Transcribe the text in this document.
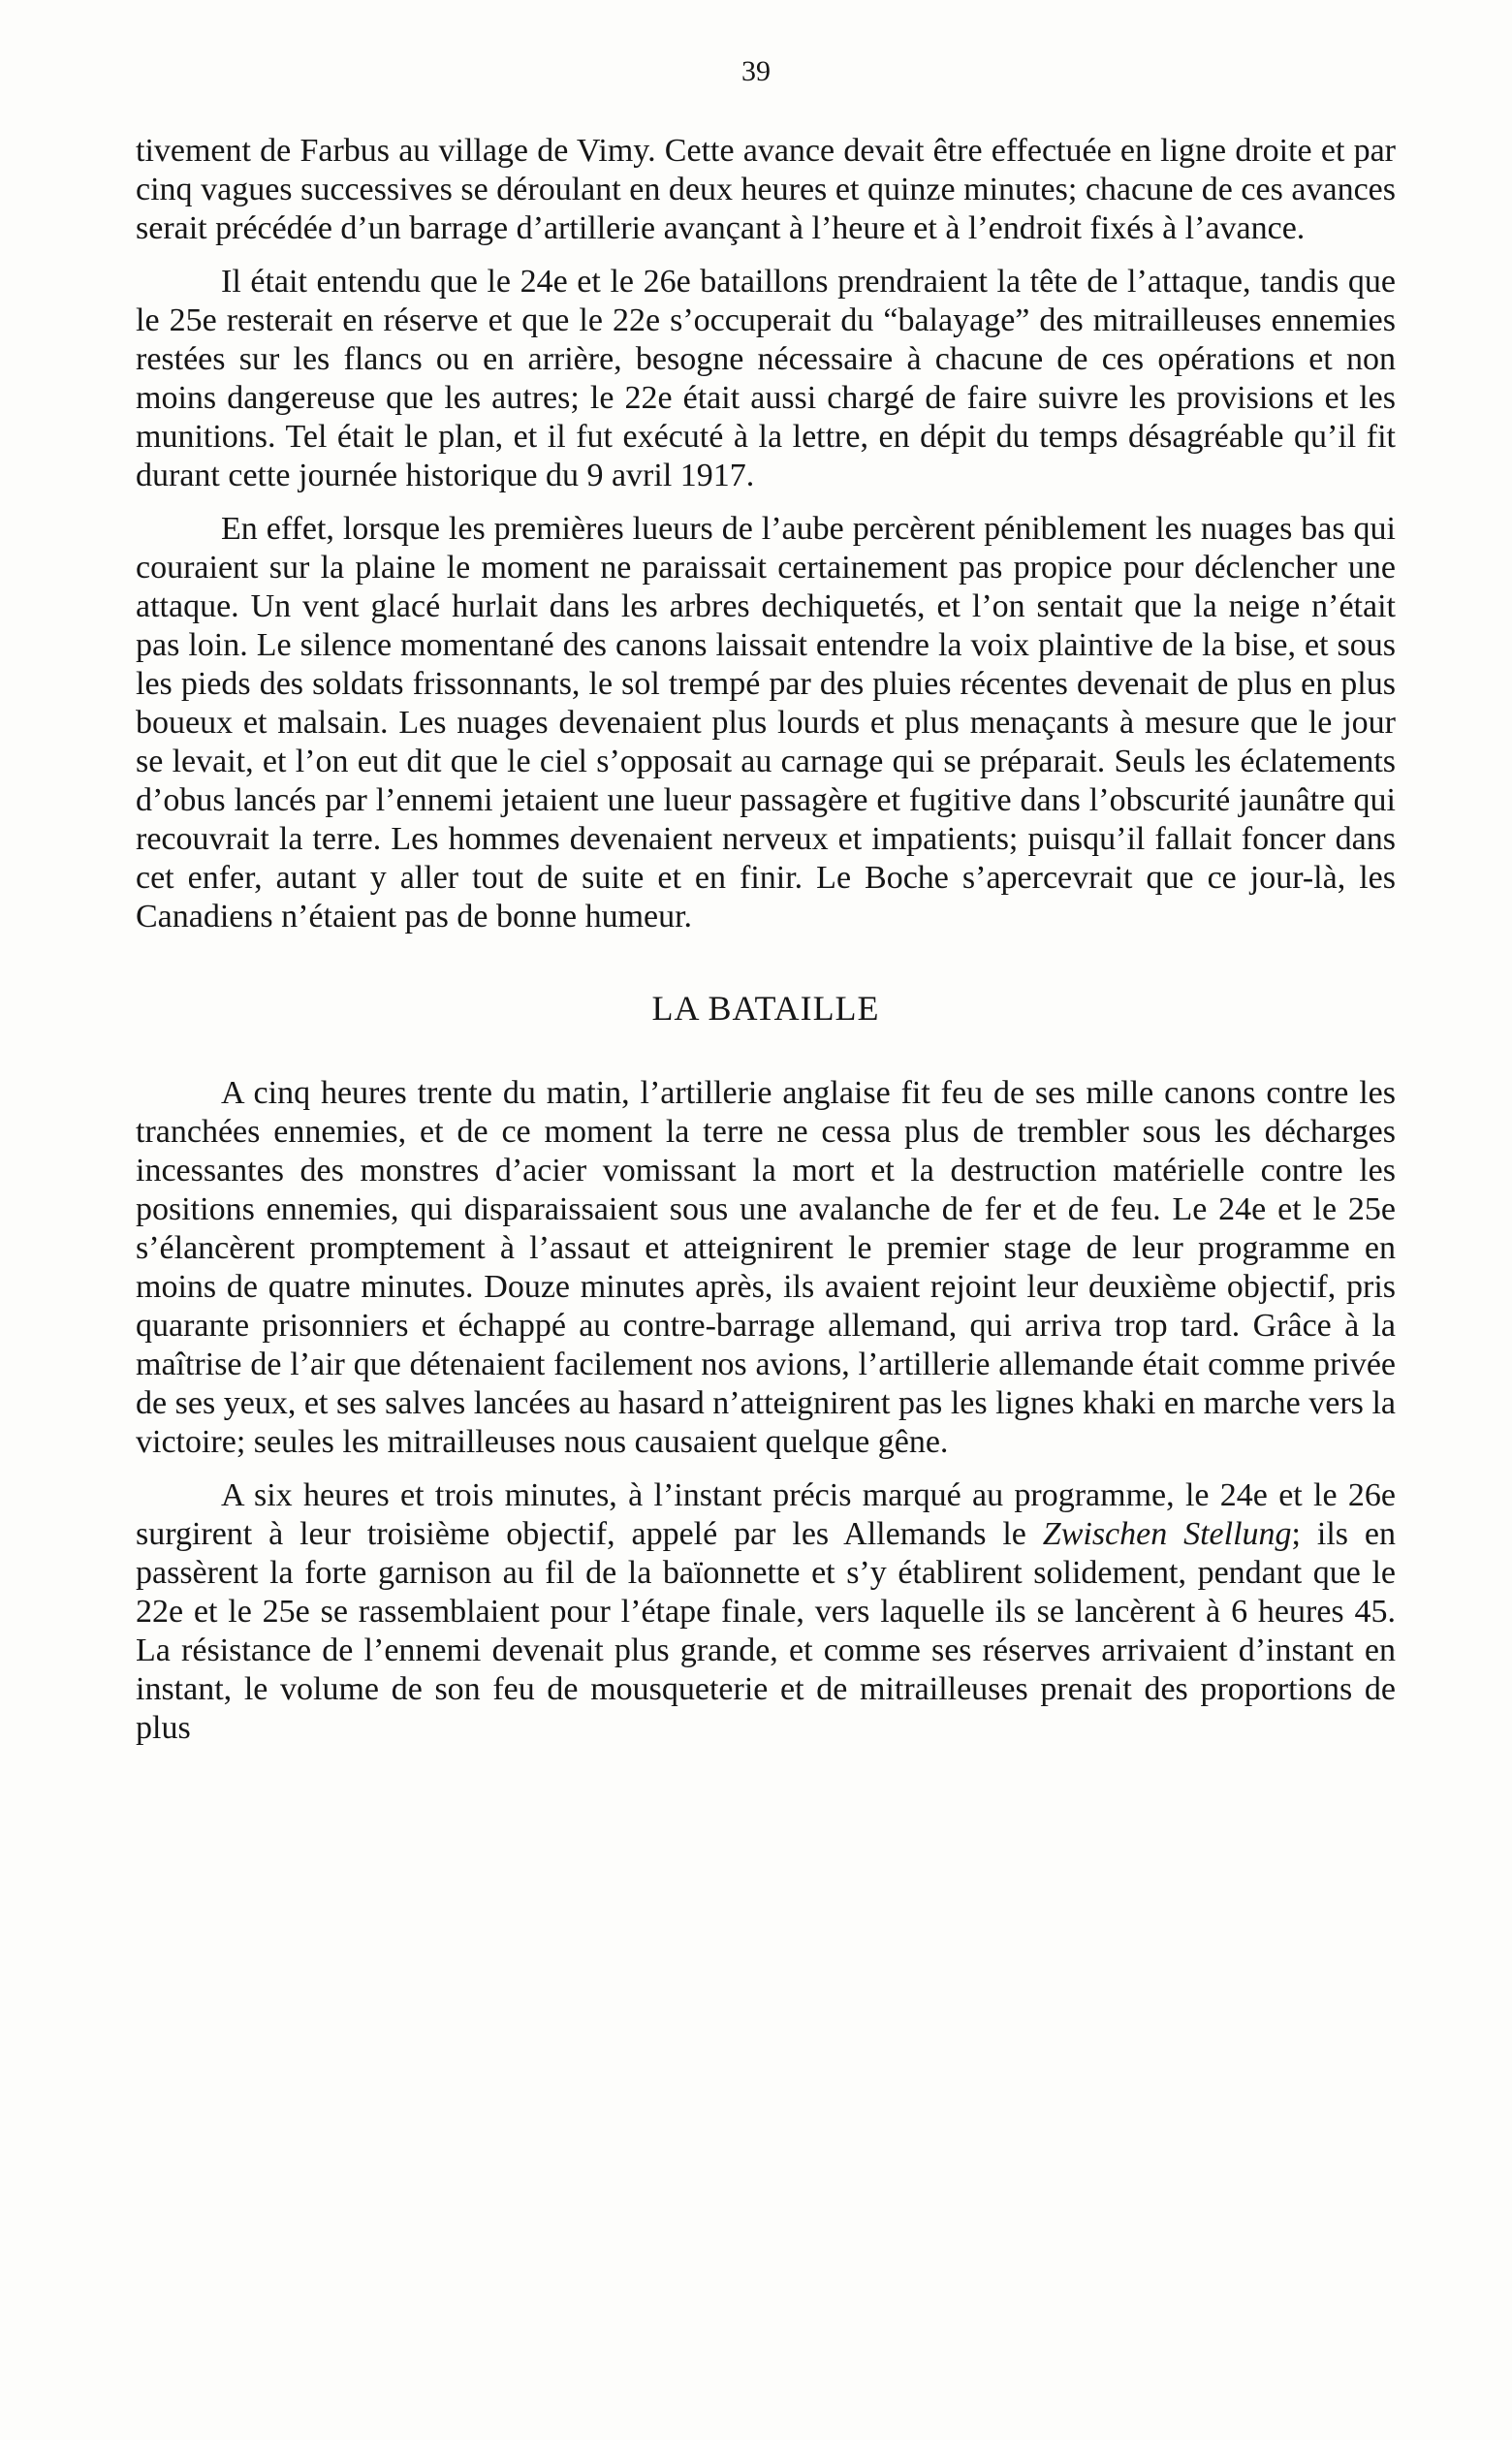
39

tivement de Farbus au village de Vimy. Cette avance devait être effectuée en ligne droite et par cinq vagues successives se déroulant en deux heures et quinze minutes; chacune de ces avances serait précédée d’un barrage d’artillerie avançant à l’heure et à l’endroit fixés à l’avance.

Il était entendu que le 24e et le 26e bataillons prendraient la tête de l’attaque, tandis que le 25e resterait en réserve et que le 22e s’occuperait du “balayage” des mitrailleuses ennemies restées sur les flancs ou en arrière, besogne nécessaire à chacune de ces opérations et non moins dangereuse que les autres; le 22e était aussi chargé de faire suivre les provisions et les munitions. Tel était le plan, et il fut exécuté à la lettre, en dépit du temps désagréable qu’il fit durant cette journée historique du 9 avril 1917.

En effet, lorsque les premières lueurs de l’aube percèrent péniblement les nuages bas qui couraient sur la plaine le moment ne paraissait certainement pas propice pour déclencher une attaque. Un vent glacé hurlait dans les arbres dechiquetés, et l’on sentait que la neige n’était pas loin. Le silence momentané des canons laissait entendre la voix plaintive de la bise, et sous les pieds des soldats frissonnants, le sol trempé par des pluies récentes devenait de plus en plus boueux et malsain. Les nuages devenaient plus lourds et plus menaçants à mesure que le jour se levait, et l’on eut dit que le ciel s’opposait au carnage qui se préparait. Seuls les éclatements d’obus lancés par l’ennemi jetaient une lueur passagère et fugitive dans l’obscurité jaunâtre qui recouvrait la terre. Les hommes devenaient nerveux et impatients; puisqu’il fallait foncer dans cet enfer, autant y aller tout de suite et en finir. Le Boche s’apercevrait que ce jour-là, les Canadiens n’étaient pas de bonne humeur.

LA BATAILLE

A cinq heures trente du matin, l’artillerie anglaise fit feu de ses mille canons contre les tranchées ennemies, et de ce moment la terre ne cessa plus de trembler sous les décharges incessantes des monstres d’acier vomissant la mort et la destruction matérielle contre les positions ennemies, qui disparaissaient sous une avalanche de fer et de feu. Le 24e et le 25e s’élancèrent promptement à l’assaut et atteignirent le premier stage de leur programme en moins de quatre minutes. Douze minutes après, ils avaient rejoint leur deuxième objectif, pris quarante prisonniers et échappé au contre-barrage allemand, qui arriva trop tard. Grâce à la maîtrise de l’air que détenaient facilement nos avions, l’artillerie allemande était comme privée de ses yeux, et ses salves lancées au hasard n’atteignirent pas les lignes khaki en marche vers la victoire; seules les mitrailleuses nous causaient quelque gêne.

A six heures et trois minutes, à l’instant précis marqué au programme, le 24e et le 26e surgirent à leur troisième objectif, appelé par les Allemands le Zwischen Stellung; ils en passèrent la forte garnison au fil de la baïonnette et s’y établirent solidement, pendant que le 22e et le 25e se rassemblaient pour l’étape finale, vers laquelle ils se lancèrent à 6 heures 45. La résistance de l’ennemi devenait plus grande, et comme ses réserves arrivaient d’instant en instant, le volume de son feu de mousqueterie et de mitrailleuses prenait des proportions de plus
